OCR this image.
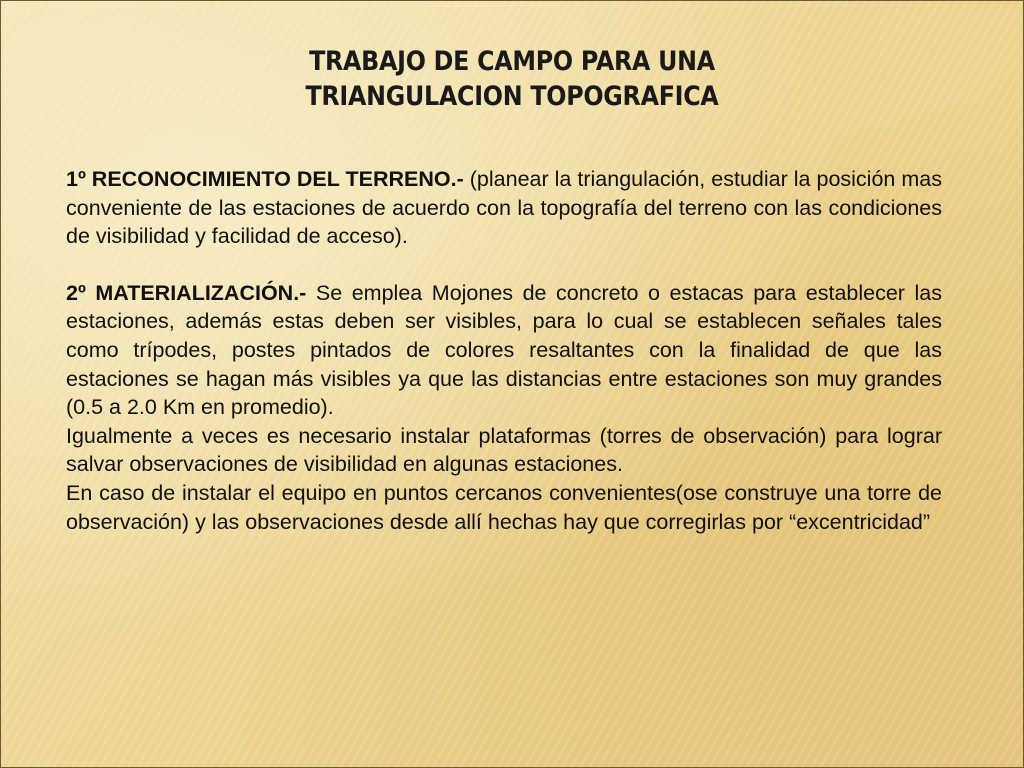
TRABAJO DE CAMPO PARA UNA
TRIANGULACION TOPOGRAFICA

1º RECONOCIMIENTO DEL TERRENO.- (planear la triangulación, estudiar la posición mas conveniente de las estaciones de acuerdo con la topografía del terreno con las condiciones de visibilidad y facilidad de acceso).

2º MATERIALIZACIÓN.- Se emplea Mojones de concreto o estacas para establecer las estaciones, además estas deben ser visibles, para lo cual se establecen señales tales como trípodes, postes pintados de colores resaltantes con la finalidad de que las estaciones se hagan más visibles ya que las distancias entre estaciones son muy grandes (0.5 a 2.0 Km en promedio).

Igualmente a veces es necesario instalar plataformas (torres de observación) para lograr salvar observaciones de visibilidad en algunas estaciones.

En caso de instalar el equipo en puntos cercanos convenientes(ose construye una torre de observación) y las observaciones desde allí hechas hay que corregirlas por “excentricidad”
